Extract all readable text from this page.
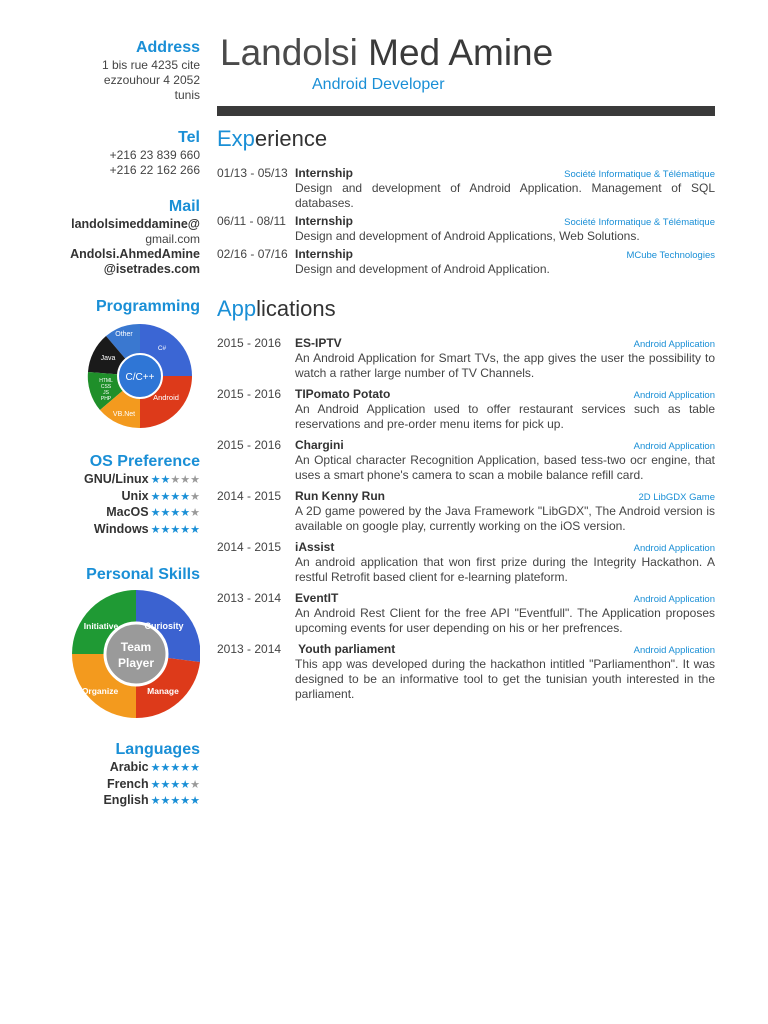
Address
1 bis rue 4235 cite
ezzouhour 4 2052
tunis
Tel
+216 23 839 660
+216 22 162 266
Mail
landolsimeddamine@
gmail.com
Andolsi.AhmedAmine
@isetrades.com
Programming
C/C++
Other
C#
Java
HTML CSS JS PHP
VB.Net
Android
OS Preference
GNU/Linux ★★★★★
Unix ★★★★★
MacOS ★★★★★
Windows ★★★★★
Personal Skills
Team
Player
Initiative	Curiosity
Organize	Manage
Languages
Arabic ★★★★★
French ★★★★★
English ★★★★★
Landolsi Med Amine
Android Developer
Experience
01/13 - 05/13 Internship	Société Informatique & Télématique
Design and development of Android Application. Management of SQL databases.
06/11 - 08/11 Internship	Société Informatique & Télématique
Design and development of Android Applications, Web Solutions.
02/16 - 07/16 Internship	MCube Technologies
Design and development of Android Application.
Applications
2015 - 2016	ES-IPTV	Android Application
An Android Application for Smart TVs, the app gives the user the possibility to watch a rather large number of TV Channels.
2015 - 2016	TIPomato Potato	Android Application
An Android Application used to offer restaurant services such as table reservations and pre-order menu items for pick up.
2015 - 2016	Chargini	Android Application
An Optical character Recognition Application, based tess-two ocr engine, that uses a smart phone's camera to scan a mobile balance refill card.
2014 - 2015	Run Kenny Run	2D LibGDX Game
A 2D game powered by the Java Framework "LibGDX", The Android version is available on google play, currently working on the iOS version.
2014 - 2015	iAssist	Android Application
An android application that won first prize during the Integrity Hackathon. A restful Retrofit based client for e-learning plateform.
2013 - 2014	EventIT	Android Application
An Android Rest Client for the free API "Eventfull". The Application proposes upcoming events for user depending on his or her prefrences.
2013 - 2014	Youth parliament	Android Application
This app was developed during the hackathon intitled "Parliamenthon". It was designed to be an informative tool to get the tunisian youth interested in the parliament.
